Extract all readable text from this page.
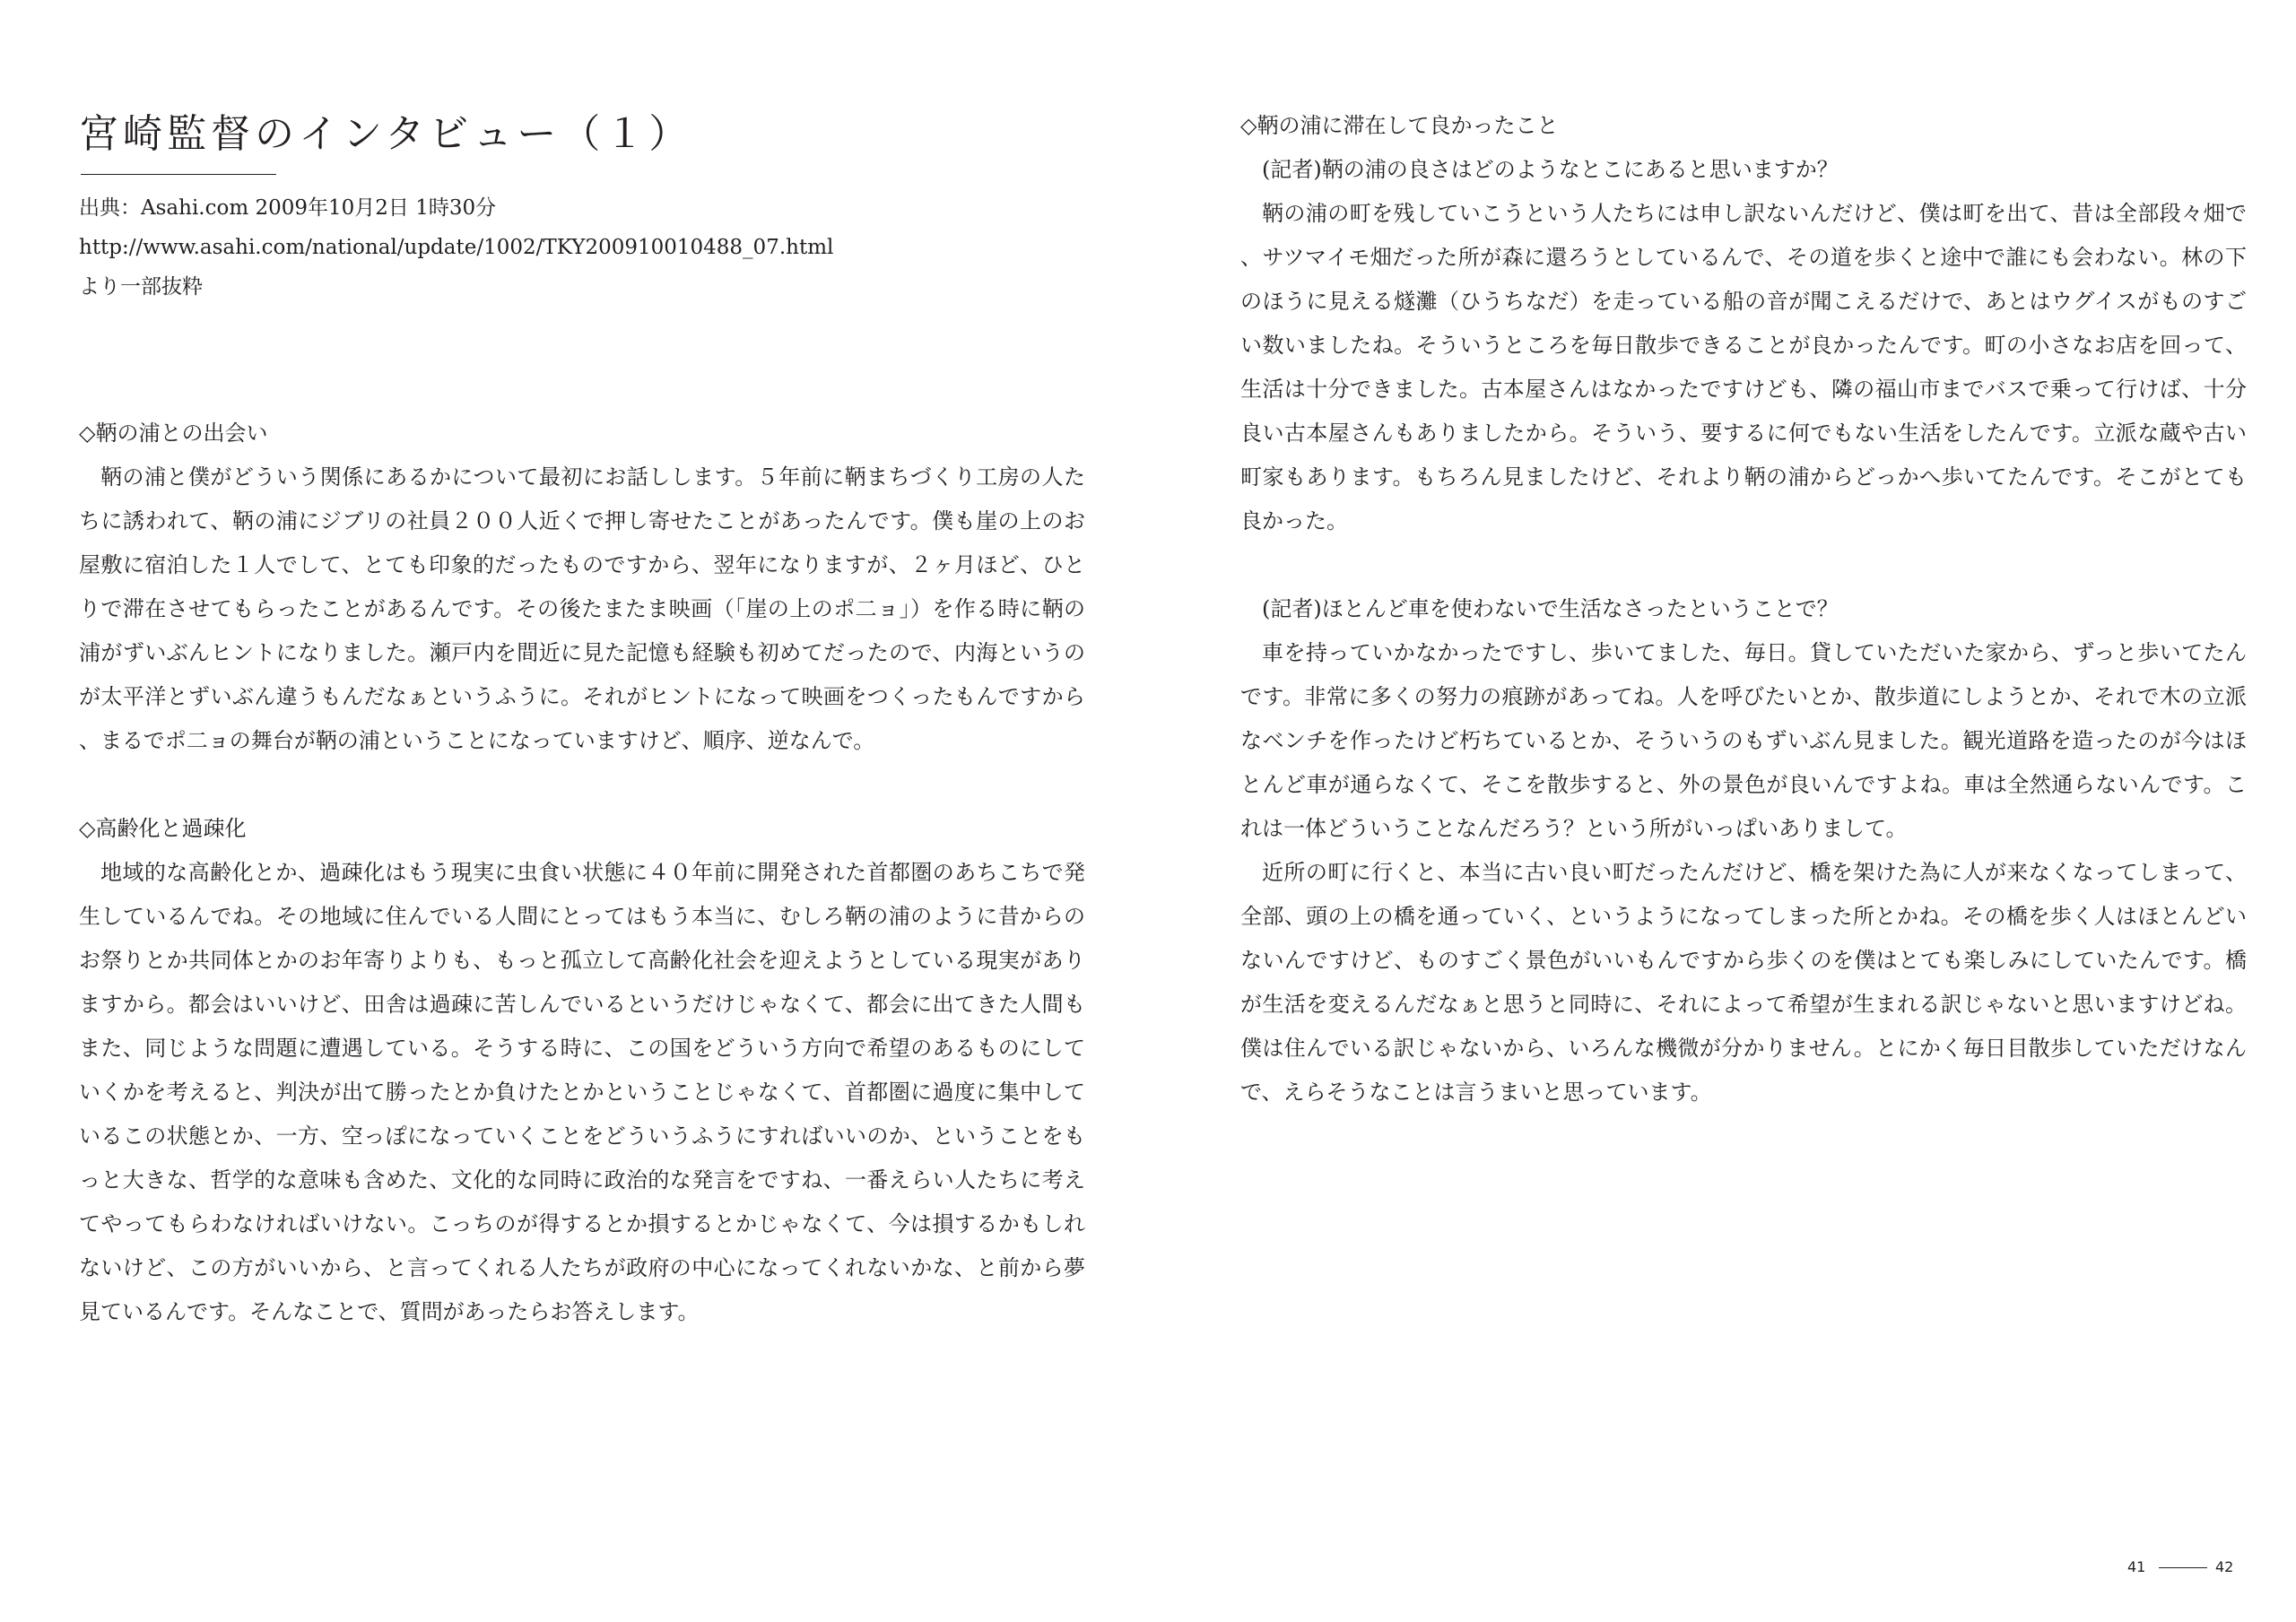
宮崎監督のインタビュー（１）
出典：Asahi.com 2009年10月2日 1時30分
http://www.asahi.com/national/update/1002/TKY200910010488_07.html
より一部抜粋
◇鞆の浦との出会い

鞆の浦と僕がどういう関係にあるかについて最初にお話しします。５年前に鞆まちづくり工房の人たちに誘われて、鞆の浦にジブリの社員２００人近くで押し寄せたことがあったんです。僕も崖の上のお屋敷に宿泊した１人でして、とても印象的だったものですから、翌年になりますが、２ヶ月ほど、ひとりで滞在させてもらったことがあるんです。その後たまたま映画（「崖の上のポ二ョ」）を作る時に鞆の浦がずいぶんヒントになりました。瀬戸内を間近に見た記憶も経験も初めてだったので、内海というのが太平洋とずいぶん違うもんだなぁというふうに。それがヒントになって映画をつくったもんですから、まるでポ二ョの舞台が鞆の浦ということになっていますけど、順序、逆なんで。

◇高齢化と過疎化

地域的な高齢化とか、過疎化はもう現実に虫食い状態に４０年前に開発された首都圏のあちこちで発生しているんでね。その地域に住んでいる人間にとってはもう本当に、むしろ鞆の浦のように昔からのお祭りとか共同体とかのお年寄りよりも、もっと孤立して高齢化社会を迎えようとしている現実がありますから。都会はいいけど、田舎は過疎に苦しんでいるというだけじゃなくて、都会に出てきた人間もまた、同じような問題に遭遇している。そうする時に、この国をどういう方向で希望のあるものにしていくかを考えると、判決が出て勝ったとか負けたとかということじゃなくて、首都圏に過度に集中しているこの状態とか、一方、空っぽになっていくことをどういうふうにすればいいのか、ということをもっと大きな、哲学的な意味も含めた、文化的な同時に政治的な発言をですね、一番えらい人たちに考えてやってもらわなければいけない。こっちのが得するとか損するとかじゃなくて、今は損するかもしれないけど、この方がいいから、と言ってくれる人たちが政府の中心になってくれないかな、と前から夢見ているんです。そんなことで、質問があったらお答えします。

◇鞆の浦に滞在して良かったこと

(記者)鞆の浦の良さはどのようなとこにあると思いますか？

鞆の浦の町を残していこうという人たちには申し訳ないんだけど、僕は町を出て、昔は全部段々畑で、サツマイモ畑だった所が森に還ろうとしているんで、その道を歩くと途中で誰にも会わない。林の下のほうに見える燧灘（ひうちなだ）を走っている船の音が聞こえるだけで、あとはウグイスがものすごい数いましたね。そういうところを毎日散歩できることが良かったんです。町の小さなお店を回って、生活は十分できました。古本屋さんはなかったですけども、隣の福山市までバスで乗って行けば、十分良い古本屋さんもありましたから。そういう、要するに何でもない生活をしたんです。立派な蔵や古い町家もあります。もちろん見ましたけど、それより鞆の浦からどっかへ歩いてたんです。そこがとても良かった。

(記者)ほとんど車を使わないで生活なさったということで？

車を持っていかなかったですし、歩いてました、毎日。貸していただいた家から、ずっと歩いてたんです。非常に多くの努力の痕跡があってね。人を呼びたいとか、散歩道にしようとか、それで木の立派なベンチを作ったけど朽ちているとか、そういうのもずいぶん見ました。観光道路を造ったのが今はほとんど車が通らなくて、そこを散歩すると、外の景色が良いんですよね。車は全然通らないんです。これは一体どういうことなんだろう？という所がいっぱいありまして。

近所の町に行くと、本当に古い良い町だったんだけど、橋を架けた為に人が来なくなってしまって、全部、頭の上の橋を通っていく、というようになってしまった所とかね。その橋を歩く人はほとんどいないんですけど、ものすごく景色がいいもんですから歩くのを僕はとても楽しみにしていたんです。橋が生活を変えるんだなぁと思うと同時に、それによって希望が生まれる訳じゃないと思いますけどね。僕は住んでいる訳じゃないから、いろんな機微が分かりません。とにかく毎日目散歩していただけなんで、えらそうなことは言うまいと思っています。

41	42
